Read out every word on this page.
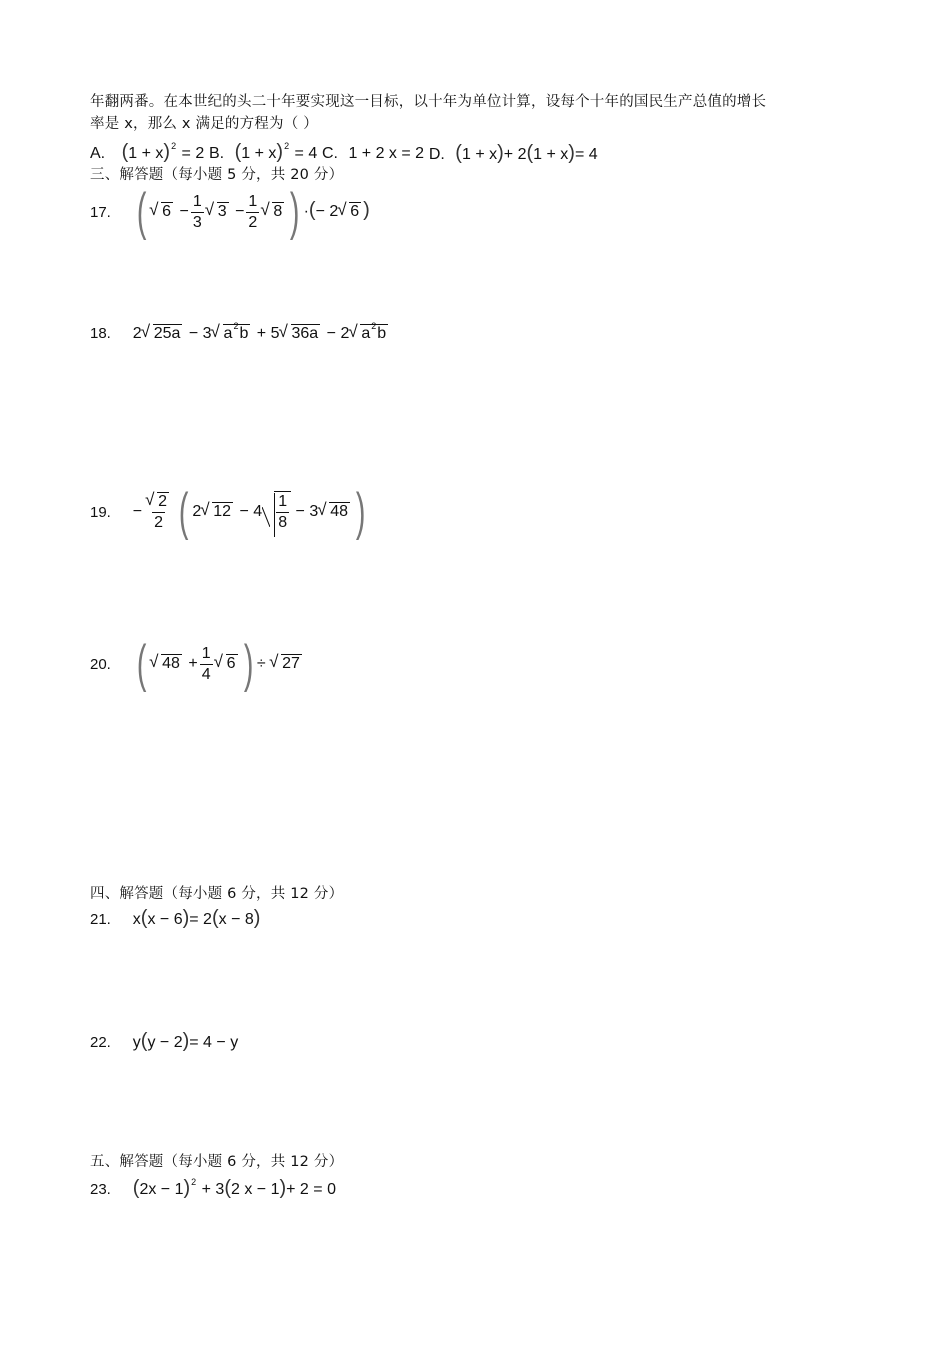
年翻两番。在本世纪的头二十年要实现这一目标，以十年为单位计算，设每个十年的国民生产总值的增长
率是 x，那么 x 满足的方程为（ ）
A. $(1 + x)^2 = 2$ B. $(1 + x)^2 = 4$ C. 1 + 2 x = 2 D. (1 + x)+ 2(1 + x)= 4
三、解答题（每小题 5 分，共 20 分）
17. (√ $6 - \frac{1}{3}$
√ $3 - \frac{1}{2}$
√ 8 ) ·(− 2√ 6 )
18. 2√ 25a − 3√ $a^2b + 5√$ 36a − 2√ $a^2b$
19. −
√ $\frac{2}{2}$ ( 2√ $12 - 4 \frac{1}{8} - 3√$ 48 )
20. (√ $48 + \frac{1}{4}$
√ 6 ) ÷ √ 27
四、解答题（每小题 6 分，共 12 分）
21. x(x − 6)= 2(x − 8)
22. y(y − 2)= 4 − y
五、解答题（每小题 6 分，共 12 分）
23. $(2x - 1)^2 + 3(2$ x − 1)+ 2 = 0
